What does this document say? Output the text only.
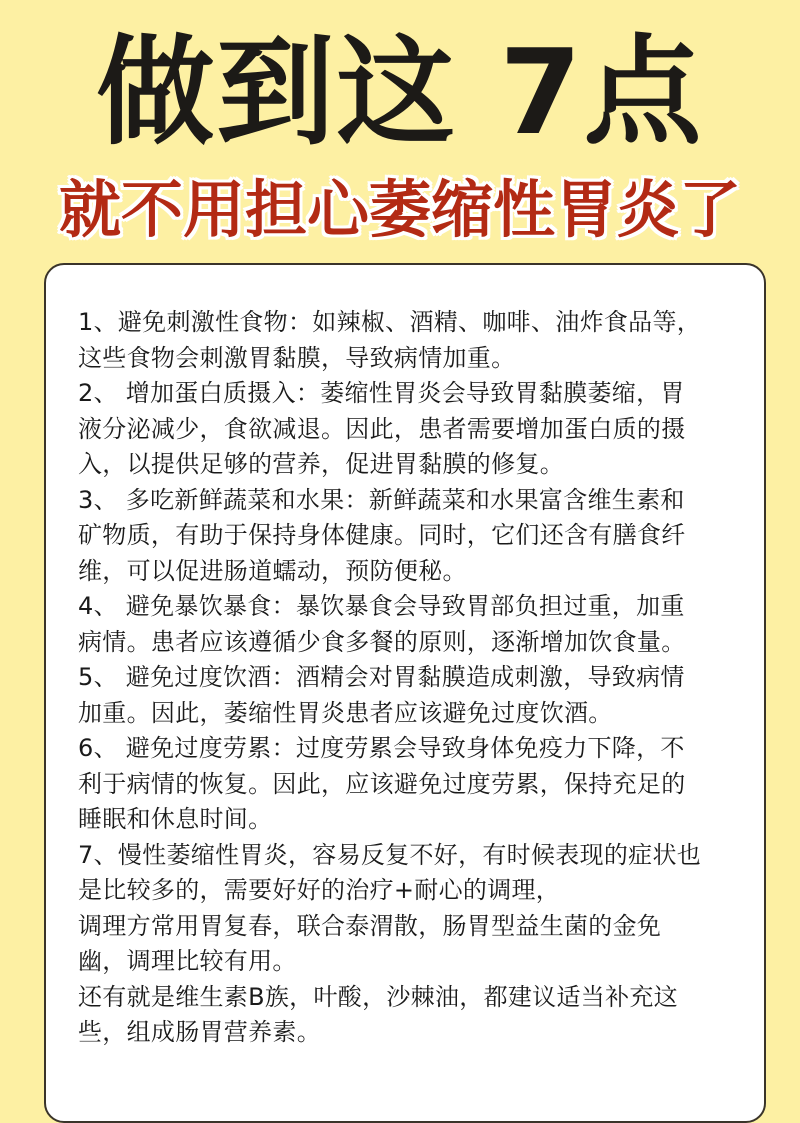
做到这 7点
就不用担心萎缩性胃炎了
1、避免刺激性食物：如辣椒、酒精、咖啡、油炸食品等，
这些食物会刺激胃黏膜，导致病情加重。
2、 增加蛋白质摄入：萎缩性胃炎会导致胃黏膜萎缩，胃
液分泌减少，食欲减退。因此，患者需要增加蛋白质的摄
入，以提供足够的营养，促进胃黏膜的修复。
3、 多吃新鲜蔬菜和水果：新鲜蔬菜和水果富含维生素和
矿物质，有助于保持身体健康。同时，它们还含有膳食纤
维，可以促进肠道蠕动，预防便秘。
4、 避免暴饮暴食：暴饮暴食会导致胃部负担过重，加重
病情。患者应该遵循少食多餐的原则，逐渐增加饮食量。
5、 避免过度饮酒：酒精会对胃黏膜造成刺激，导致病情
加重。因此，萎缩性胃炎患者应该避免过度饮酒。
6、 避免过度劳累：过度劳累会导致身体免疫力下降，不
利于病情的恢复。因此，应该避免过度劳累，保持充足的
睡眠和休息时间。
7、慢性萎缩性胃炎，容易反复不好，有时候表现的症状也
是比较多的，需要好好的治疗+耐心的调理，
调理方常用胃复春，联合泰渭散，肠胃型益生菌的金免
幽，调理比较有用。
还有就是维生素B族，叶酸，沙棘油，都建议适当补充这
些，组成肠胃营养素。
